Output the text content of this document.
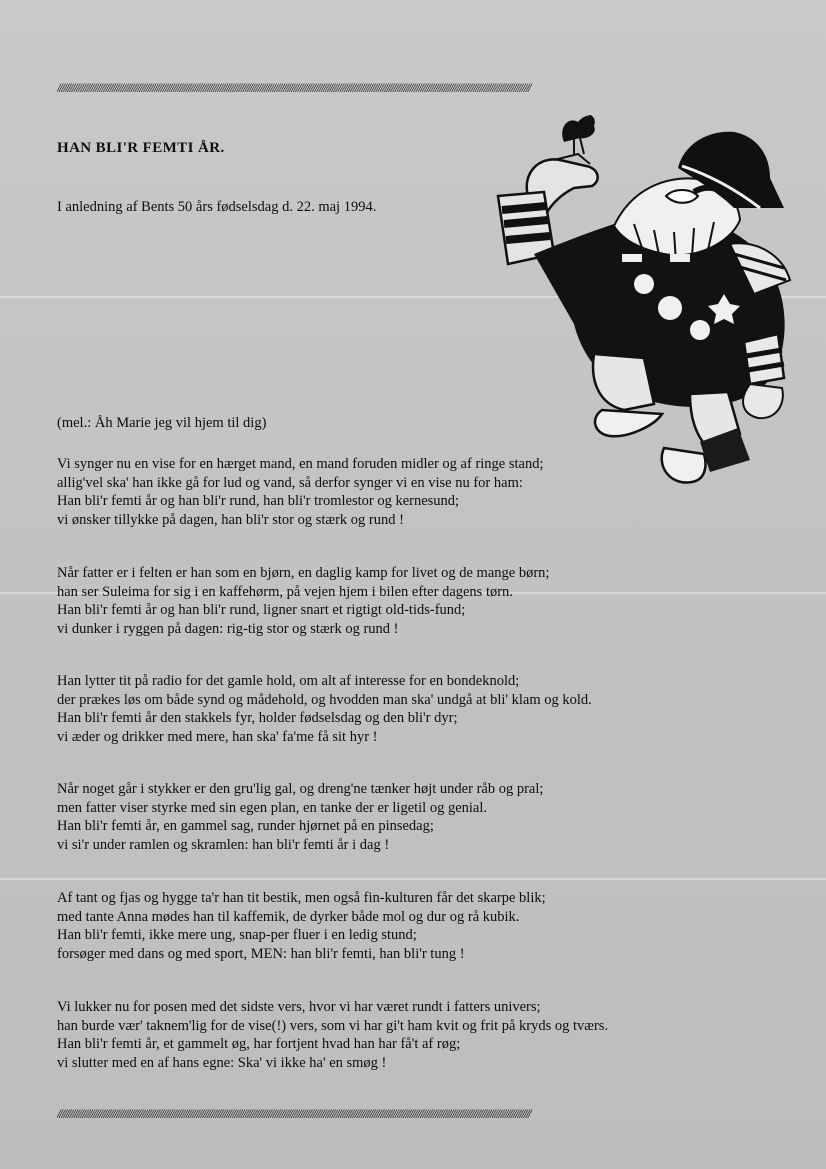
////////////////////////////////////////////////////////////////////////////////////////////////////////////////////////////////////////////////////////////////////////////////////////////////////////////////////////////////
HAN BLI'R FEMTI ÅR.
I anledning af Bents 50 års fødselsdag d. 22. maj 1994.
(mel.: Åh Marie jeg vil hjem til dig)
Vi synger nu en vise for en hærget mand, en mand foruden midler og af ringe stand;
allig'vel ska' han ikke gå for lud og vand, så derfor synger vi en vise nu for ham:
Han bli'r femti år og han bli'r rund, han bli'r tromlestor og kernesund;
vi ønsker tillykke på dagen, han bli'r stor og stærk og rund !
Når fatter er i felten er han som en bjørn, en daglig kamp for livet og de mange børn;
han ser Suleima for sig i en kaffehørm, på vejen hjem i bilen efter dagens tørn.
Han bli'r femti år og han bli'r rund, ligner snart et rigtigt old-tids-fund;
vi dunker i ryggen på dagen: rig-tig stor og stærk og rund !
Han lytter tit på radio for det gamle hold, om alt af interesse for en bondeknold;
der prækes løs om både synd og mådehold, og hvodden man ska' undgå at bli' klam og kold.
Han bli'r femti år den stakkels fyr, holder fødselsdag og den bli'r dyr;
vi æder og drikker med mere, han ska' fa'me få sit hyr !
Når noget går i stykker er den gru'lig gal, og dreng'ne tænker højt under råb og pral;
men fatter viser styrke med sin egen plan, en tanke der er ligetil og genial.
Han bli'r femti år, en gammel sag, runder hjørnet på en pinsedag;
vi si'r under ramlen og skramlen: han bli'r femti år i dag !
Af tant og fjas og hygge ta'r han tit bestik, men også fin-kulturen får det skarpe blik;
med tante Anna mødes han til kaffemik, de dyrker både mol og dur og rå kubik.
Han bli'r femti, ikke mere ung, snap-per fluer i en ledig stund;
forsøger med dans og med sport, MEN: han bli'r femti, han bli'r tung !
Vi lukker nu for posen med det sidste vers, hvor vi har været rundt i fatters univers;
han burde vær' taknem'lig for de vise(!) vers, som vi har gi't ham kvit og frit på kryds og tværs.
Han bli'r femti år, et gammelt øg, har fortjent hvad han har få't af røg;
vi slutter med en af hans egne: Ska' vi ikke ha' en smøg !
////////////////////////////////////////////////////////////////////////////////////////////////////////////////////////////////////////////////////////////////////////////////////////////////////////////////////////////////
